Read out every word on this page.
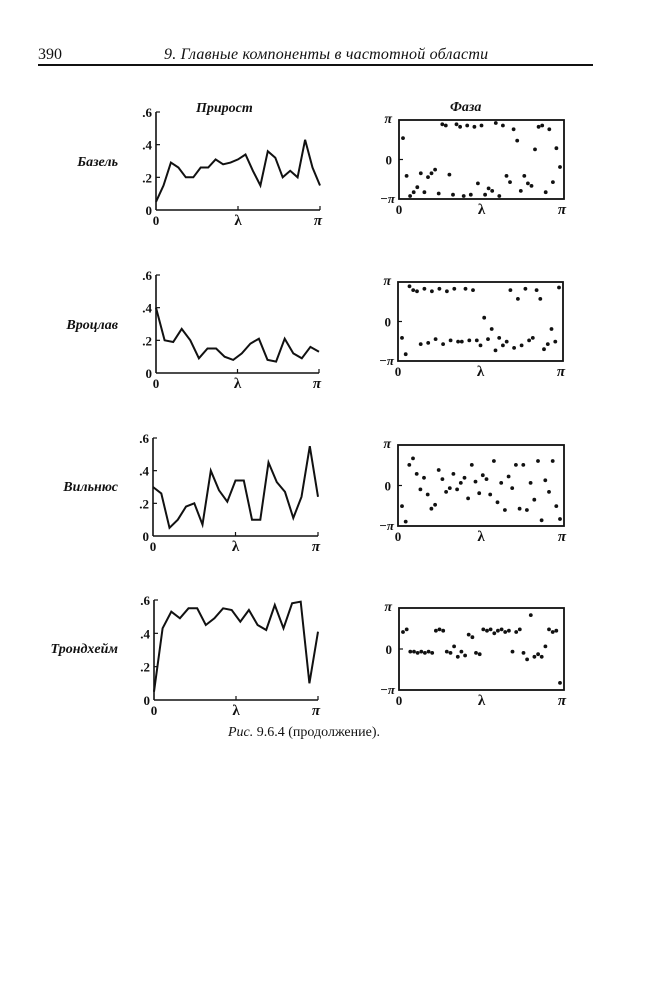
390	9. Главные компоненты в частотной области
Прирост	Фаза
Базель
.6
.4
.2
0
0	λ	π
π
0
−π
0	λ	π
Вроцлав
.6
.4
.2
0
0	λ	π
π
0
−π
0	λ	π
Вильнюс
.6
.4
.2
0
0	λ	π
π
0
−π
0	λ	π
Трондхейм
.6
.4
.2
0
0	λ	π
π
0
−π
0	λ	π
Рис. 9.6.4 (продолжение).
